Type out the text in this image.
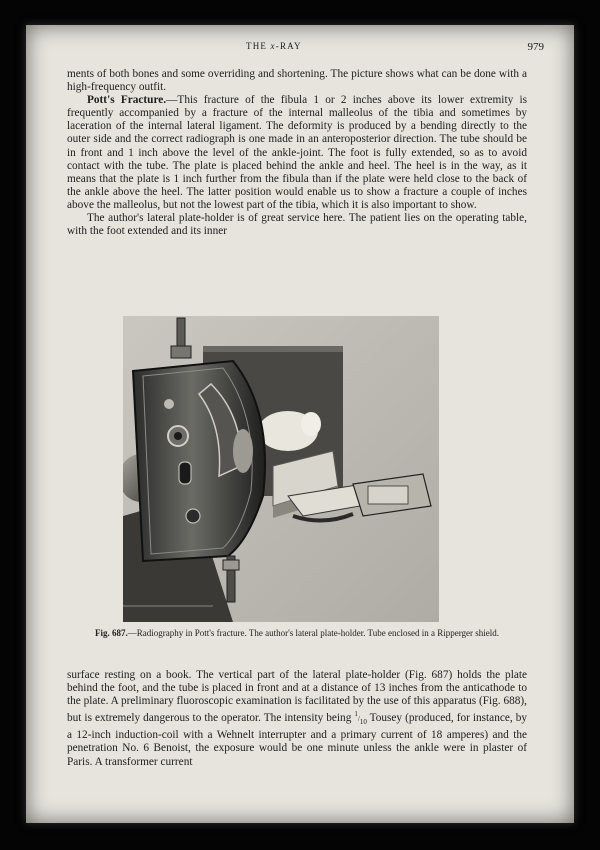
THE x-RAY	979

ments of both bones and some overriding and shortening. The picture shows what can be done with a high-frequency outfit.

Pott's Fracture.—This fracture of the fibula 1 or 2 inches above its lower extremity is frequently accompanied by a fracture of the internal malleolus of the tibia and sometimes by laceration of the internal lateral ligament. The deformity is produced by a bending directly to the outer side and the correct radiograph is one made in an anteroposterior direction. The tube should be in front and 1 inch above the level of the ankle-joint. The foot is fully extended, so as to avoid contact with the tube. The plate is placed behind the ankle and heel. The heel is in the way, as it means that the plate is 1 inch further from the fibula than if the plate were held close to the back of the ankle above the heel. The latter position would enable us to show a fracture a couple of inches above the malleolus, but not the lowest part of the tibia, which it is also important to show.

The author's lateral plate-holder is of great service here. The patient lies on the operating table, with the foot extended and its inner

Fig. 687.—Radiography in Pott's fracture. The author's lateral plate-holder. Tube enclosed in a Ripperger shield.

surface resting on a book. The vertical part of the lateral plate-holder (Fig. 687) holds the plate behind the foot, and the tube is placed in front and at a distance of 13 inches from the anticathode to the plate. A preliminary fluoroscopic examination is facilitated by the use of this apparatus (Fig. 688), but is extremely dangerous to the operator. The intensity being $^1/_{10}$ Tousey (produced, for instance, by a 12-inch induction-coil with a Wehnelt interrupter and a primary current of 18 amperes) and the penetration No. 6 Benoist, the exposure would be one minute unless the ankle were in plaster of Paris. A transformer current
